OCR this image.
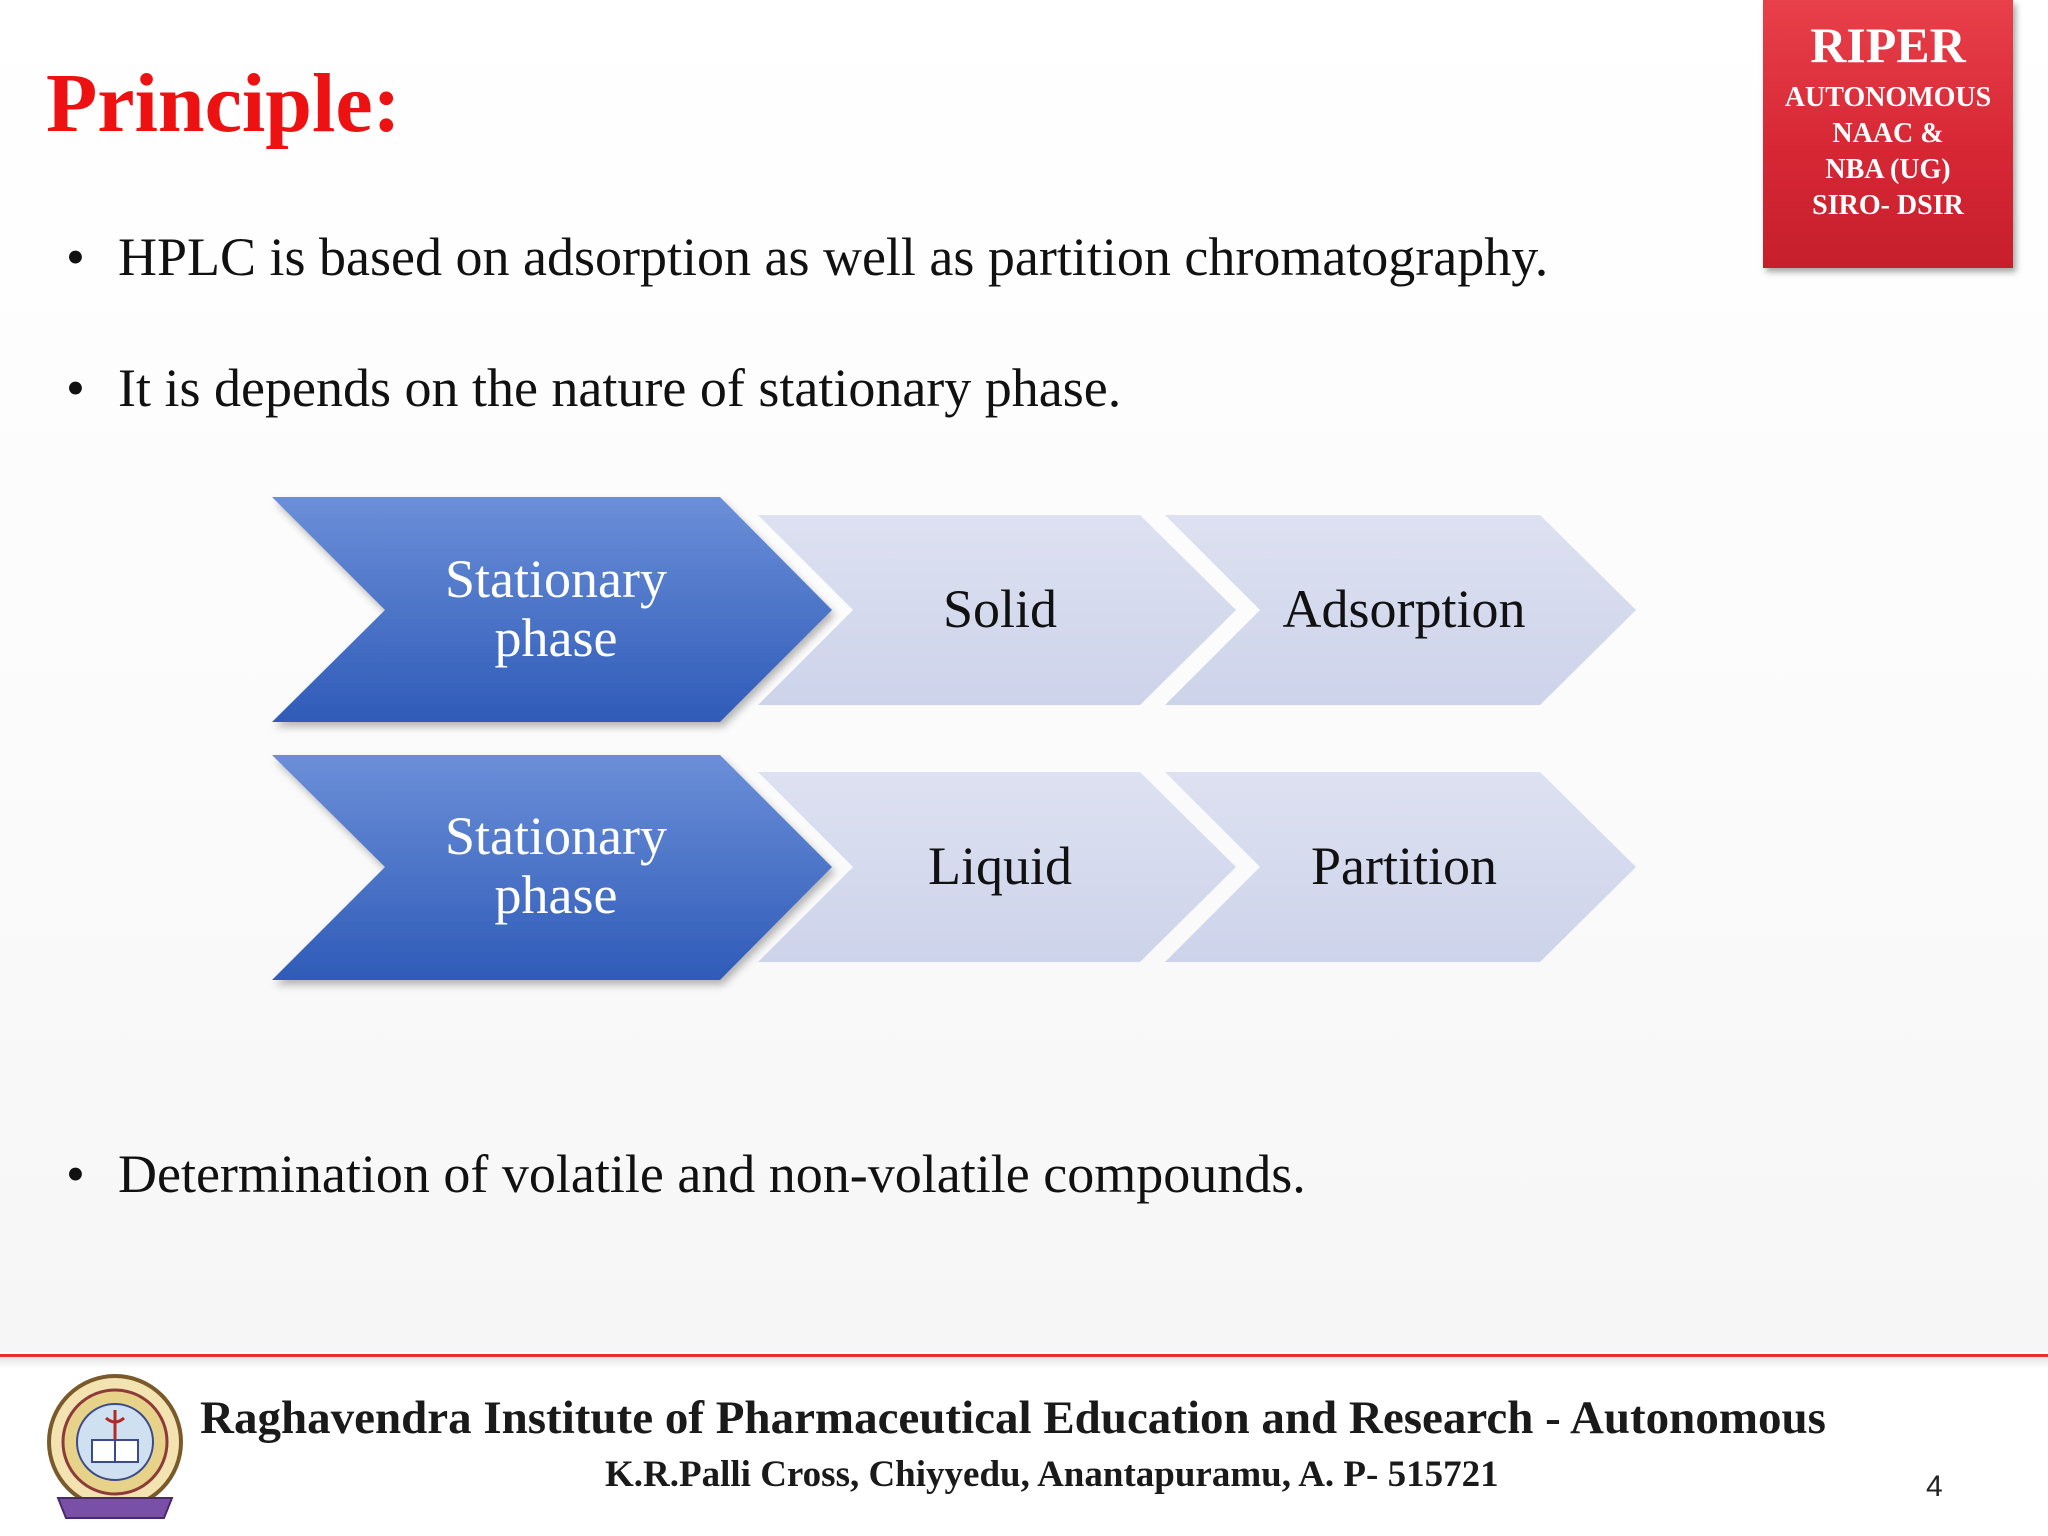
Principle:
RIPER
AUTONOMOUS
NAAC &
NBA (UG)
SIRO- DSIR
• HPLC is based on adsorption as well as partition chromatography.
• It is depends on the nature of stationary phase.
Stationary
phase	Solid	Adsorption
Stationary
phase	Liquid	Partition
• Determination of volatile and non-volatile compounds.
Raghavendra Institute of Pharmaceutical Education and Research - Autonomous
K.R.Palli Cross, Chiyyedu, Anantapuramu, A. P- 515721	4
